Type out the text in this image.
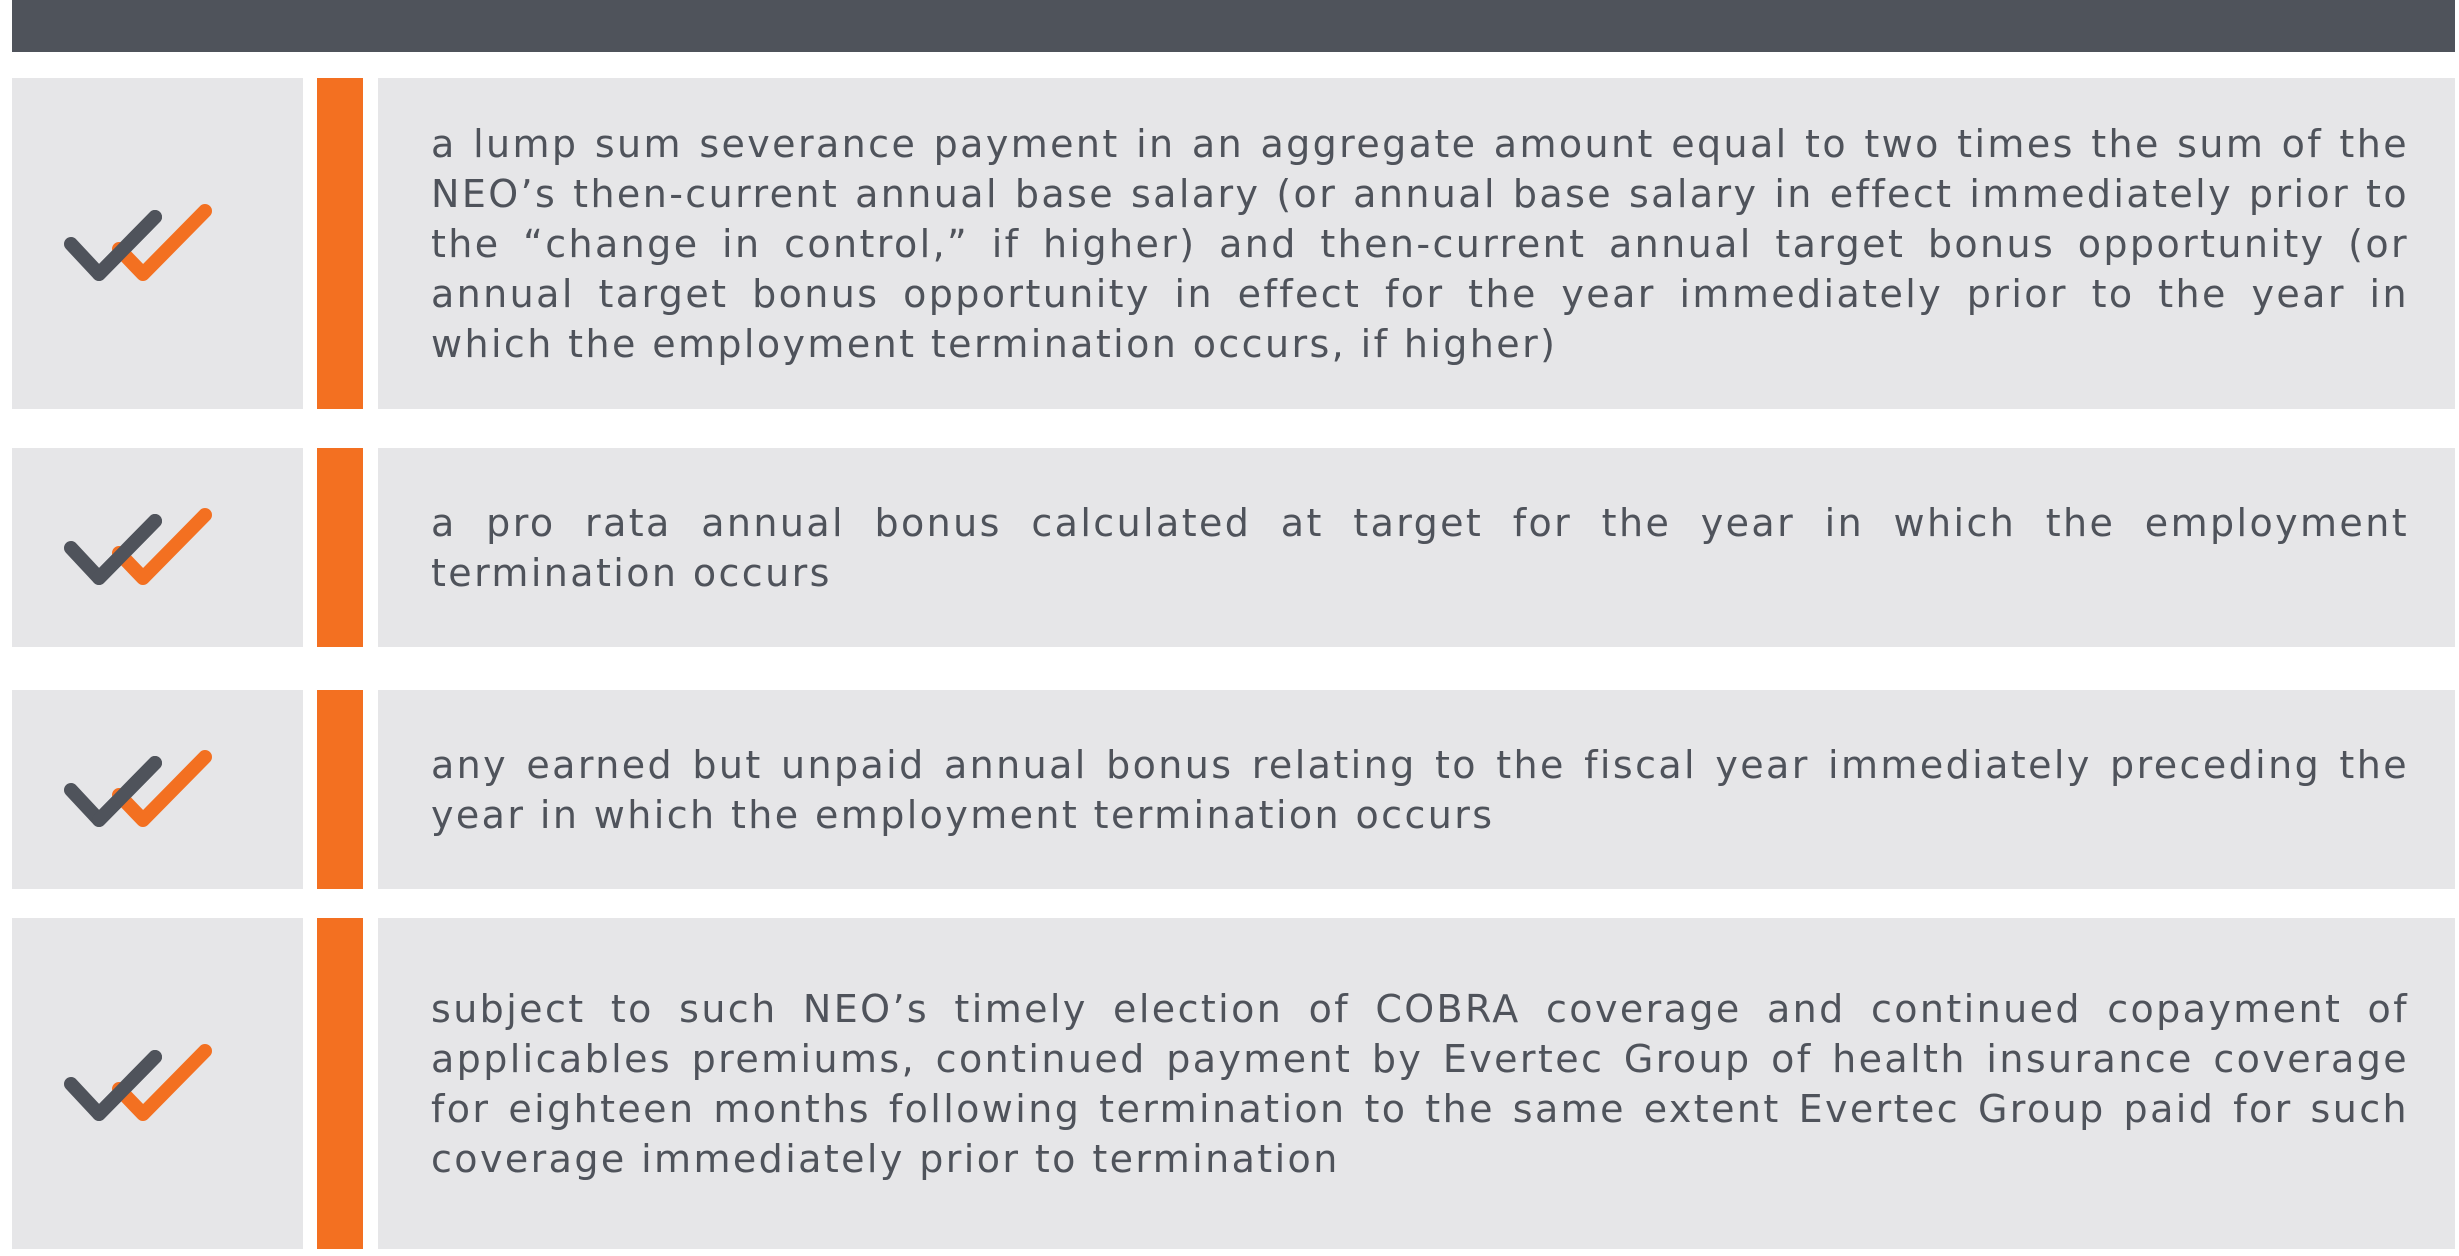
a lump sum severance payment in an aggregate amount equal to two times the sum of the NEO’s then-current annual base salary (or annual base salary in effect immediately prior to the “change in control,” if higher) and then-current annual target bonus opportunity (or annual target bonus opportunity in effect for the year immediately prior to the year in which the employment termination occurs, if higher)

a pro rata annual bonus calculated at target for the year in which the employment termination occurs

any earned but unpaid annual bonus relating to the fiscal year immediately preceding the year in which the employment termination occurs

subject to such NEO’s timely election of COBRA coverage and continued copayment of applicables premiums, continued payment by Evertec Group of health insurance coverage for eighteen months following termination to the same extent Evertec Group paid for such coverage immediately prior to termination
